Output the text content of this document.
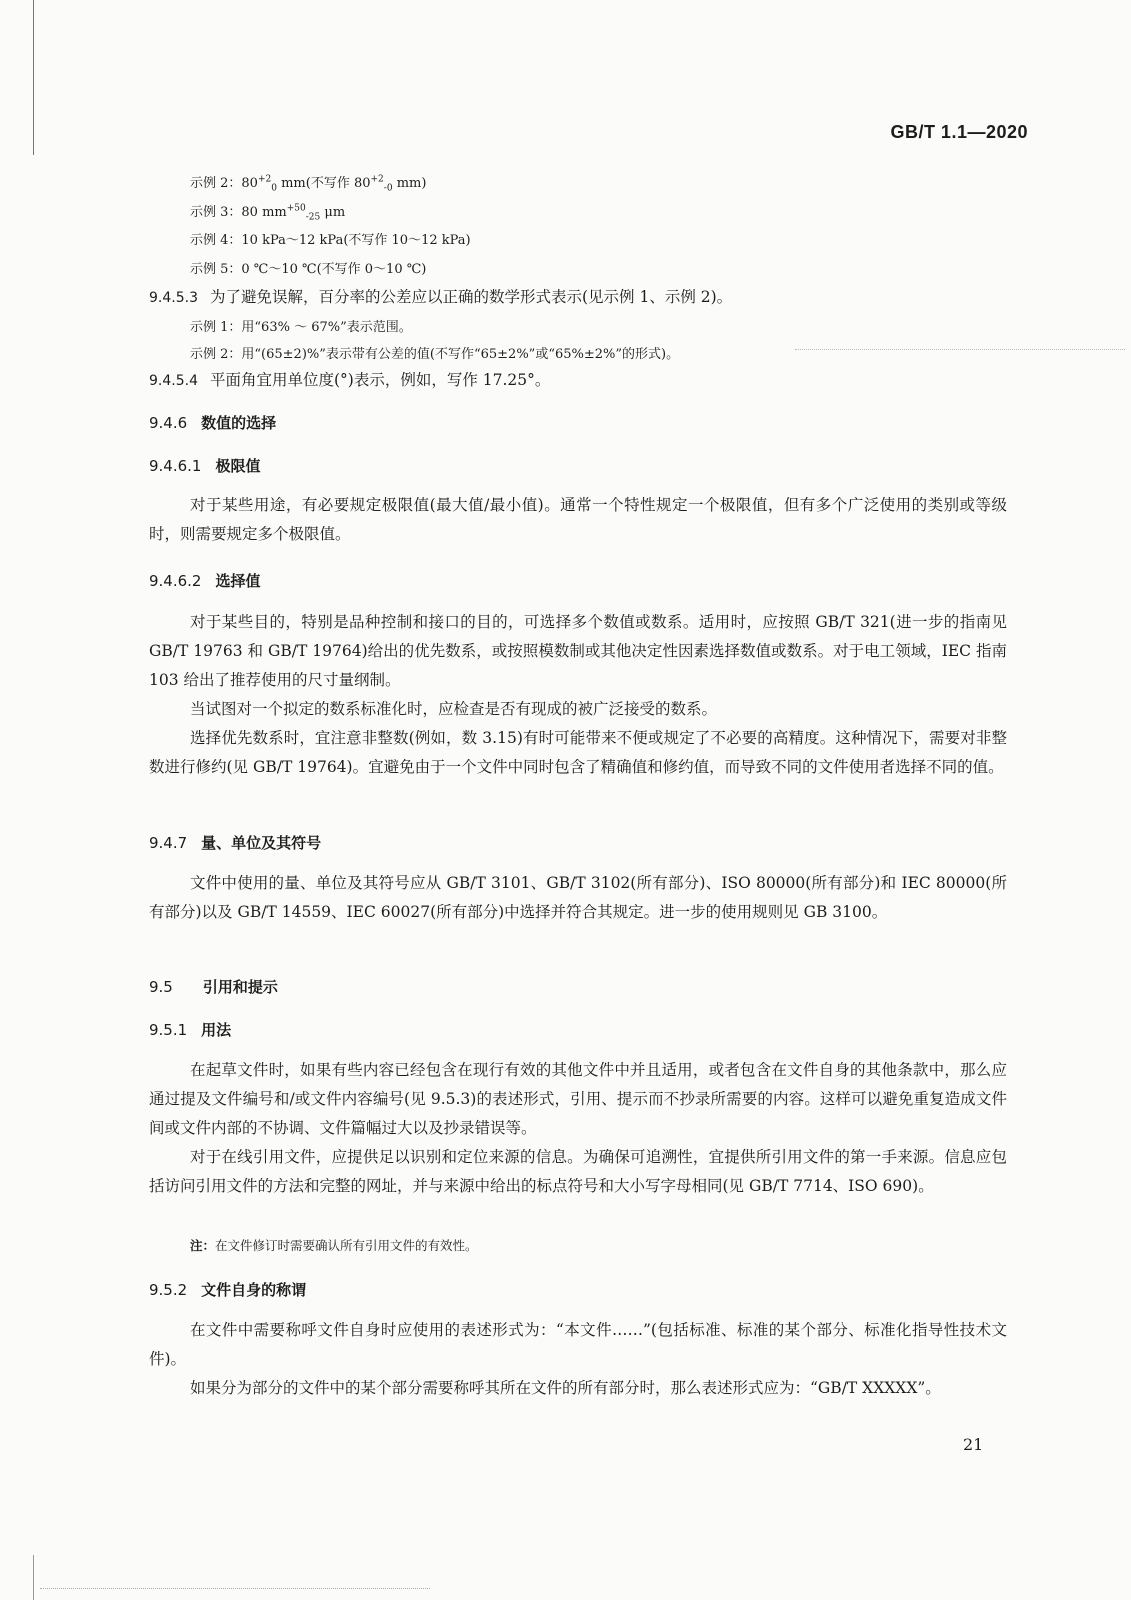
GB/T 1.1—2020
示例 2：$80^{+2}_0$ mm(不写作 $80^{+2}_{-0}$ mm)
示例 3：80 $mm^{+50}_{-25}$ μm
示例 4：10 kPa～12 kPa(不写作 10～12 kPa)
示例 5：0 ℃～10 ℃(不写作 0～10 ℃)
9.4.5.3 为了避免误解，百分率的公差应以正确的数学形式表示(见示例 1、示例 2)。
示例 1：用“63% ～ 67%”表示范围。
示例 2：用“(65±2)%”表示带有公差的值(不写作“65±2%”或“65%±2%”的形式)。
9.4.5.4 平面角宜用单位度(°)表示，例如，写作 17.25°。
9.4.6 数值的选择
9.4.6.1 极限值
对于某些用途，有必要规定极限值(最大值/最小值)。通常一个特性规定一个极限值，但有多个广泛使用的类别或等级时，则需要规定多个极限值。
9.4.6.2 选择值
对于某些目的，特别是品种控制和接口的目的，可选择多个数值或数系。适用时，应按照 GB/T 321(进一步的指南见 GB/T 19763 和 GB/T 19764)给出的优先数系，或按照模数制或其他决定性因素选择数值或数系。对于电工领域，IEC 指南 103 给出了推荐使用的尺寸量纲制。
当试图对一个拟定的数系标准化时，应检查是否有现成的被广泛接受的数系。
选择优先数系时，宜注意非整数(例如，数 3.15)有时可能带来不便或规定了不必要的高精度。这种情况下，需要对非整数进行修约(见 GB/T 19764)。宜避免由于一个文件中同时包含了精确值和修约值，而导致不同的文件使用者选择不同的值。
9.4.7 量、单位及其符号
文件中使用的量、单位及其符号应从 GB/T 3101、GB/T 3102(所有部分)、ISO 80000(所有部分)和 IEC 80000(所有部分)以及 GB/T 14559、IEC 60027(所有部分)中选择并符合其规定。进一步的使用规则见 GB 3100。
9.5 引用和提示
9.5.1 用法
在起草文件时，如果有些内容已经包含在现行有效的其他文件中并且适用，或者包含在文件自身的其他条款中，那么应通过提及文件编号和/或文件内容编号(见 9.5.3)的表述形式，引用、提示而不抄录所需要的内容。这样可以避免重复造成文件间或文件内部的不协调、文件篇幅过大以及抄录错误等。
对于在线引用文件，应提供足以识别和定位来源的信息。为确保可追溯性，宜提供所引用文件的第一手来源。信息应包括访问引用文件的方法和完整的网址，并与来源中给出的标点符号和大小写字母相同(见 GB/T 7714、ISO 690)。
注：在文件修订时需要确认所有引用文件的有效性。
9.5.2 文件自身的称谓
在文件中需要称呼文件自身时应使用的表述形式为：“本文件……”(包括标准、标准的某个部分、标准化指导性技术文件)。
如果分为部分的文件中的某个部分需要称呼其所在文件的所有部分时，那么表述形式应为：“GB/T XXXXX”。
21
